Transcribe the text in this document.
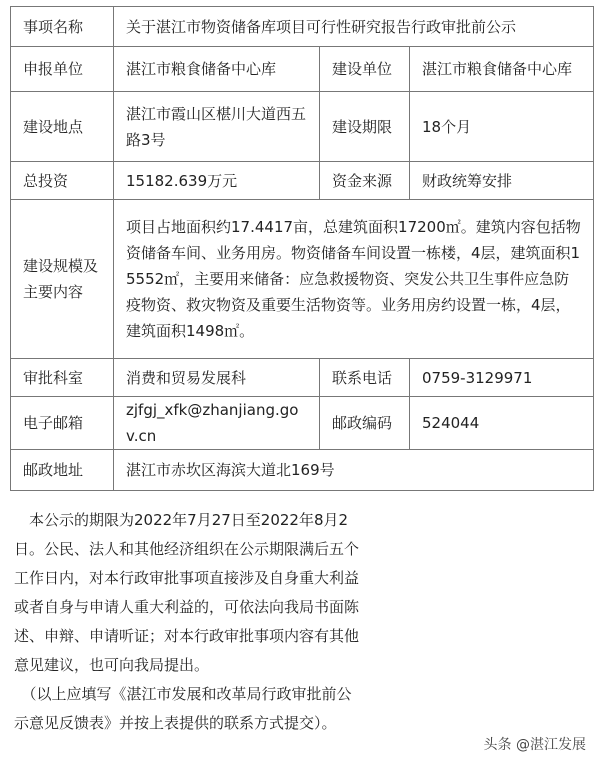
事项名称	关于湛江市物资储备库项目可行性研究报告行政审批前公示		
申报单位	湛江市粮食储备中心库	建设单位	湛江市粮食储备中心库
建设地点	湛江市霞山区椹川大道西五路3号	建设期限	18个月
总投资	15182.639万元	资金来源	财政统筹安排
建设规模及主要内容	项目占地面积约17.4417亩，总建筑面积17200㎡。建筑内容包括物资储备车间、业务用房。物资储备车间设置一栋楼，4层，建筑面积15552㎡，主要用来储备：应急救援物资、突发公共卫生事件应急防疫物资、救灾物资及重要生活物资等。业务用房约设置一栋，4层，建筑面积1498㎡。		
审批科室	消费和贸易发展科	联系电话	0759-3129971
电子邮箱	zjfgj_xfk@zhanjiang.gov.cn	邮政编码	524044
邮政地址	湛江市赤坎区海滨大道北169号		

本公示的期限为2022年7月27日至2022年8月2日。公民、法人和其他经济组织在公示期限满后五个工作日内，对本行政审批事项直接涉及自身重大利益或者自身与申请人重大利益的，可依法向我局书面陈述、申辩、申请听证；对本行政审批事项内容有其他意见建议，也可向我局提出。

（以上应填写《湛江市发展和改革局行政审批前公示意见反馈表》并按上表提供的联系方式提交）。

头条 @湛江发展
